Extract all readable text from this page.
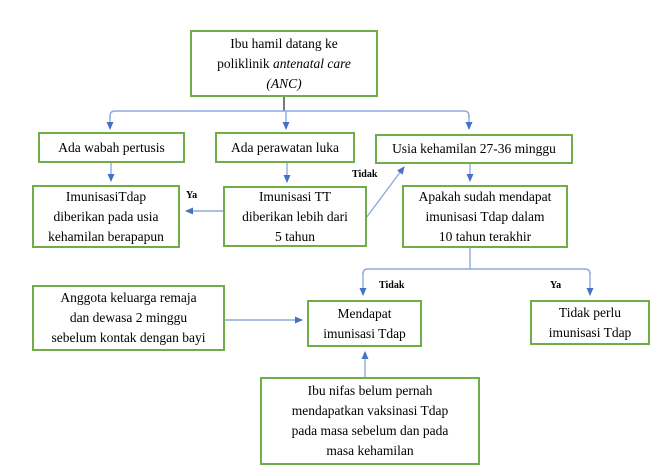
Ibu hamil datang ke
poliklinik antenatal care
(ANC)
Ada wabah pertusis	Ada perawatan luka	Usia kehamilan 27-36 minggu
ImunisasiTdap
diberikan pada usia
kehamilan berapapun
Imunisasi TT
diberikan lebih dari
5 tahun
Apakah sudah mendapat
imunisasi Tdap dalam
10 tahun terakhir
Anggota keluarga remaja
dan dewasa 2 minggu
sebelum kontak dengan bayi
Mendapat
imunisasi Tdap
Tidak perlu
imunisasi Tdap
Ibu nifas belum pernah
mendapatkan vaksinasi Tdap
pada masa sebelum dan pada
masa kehamilan
Ya
Tidak
Tidak	Ya
